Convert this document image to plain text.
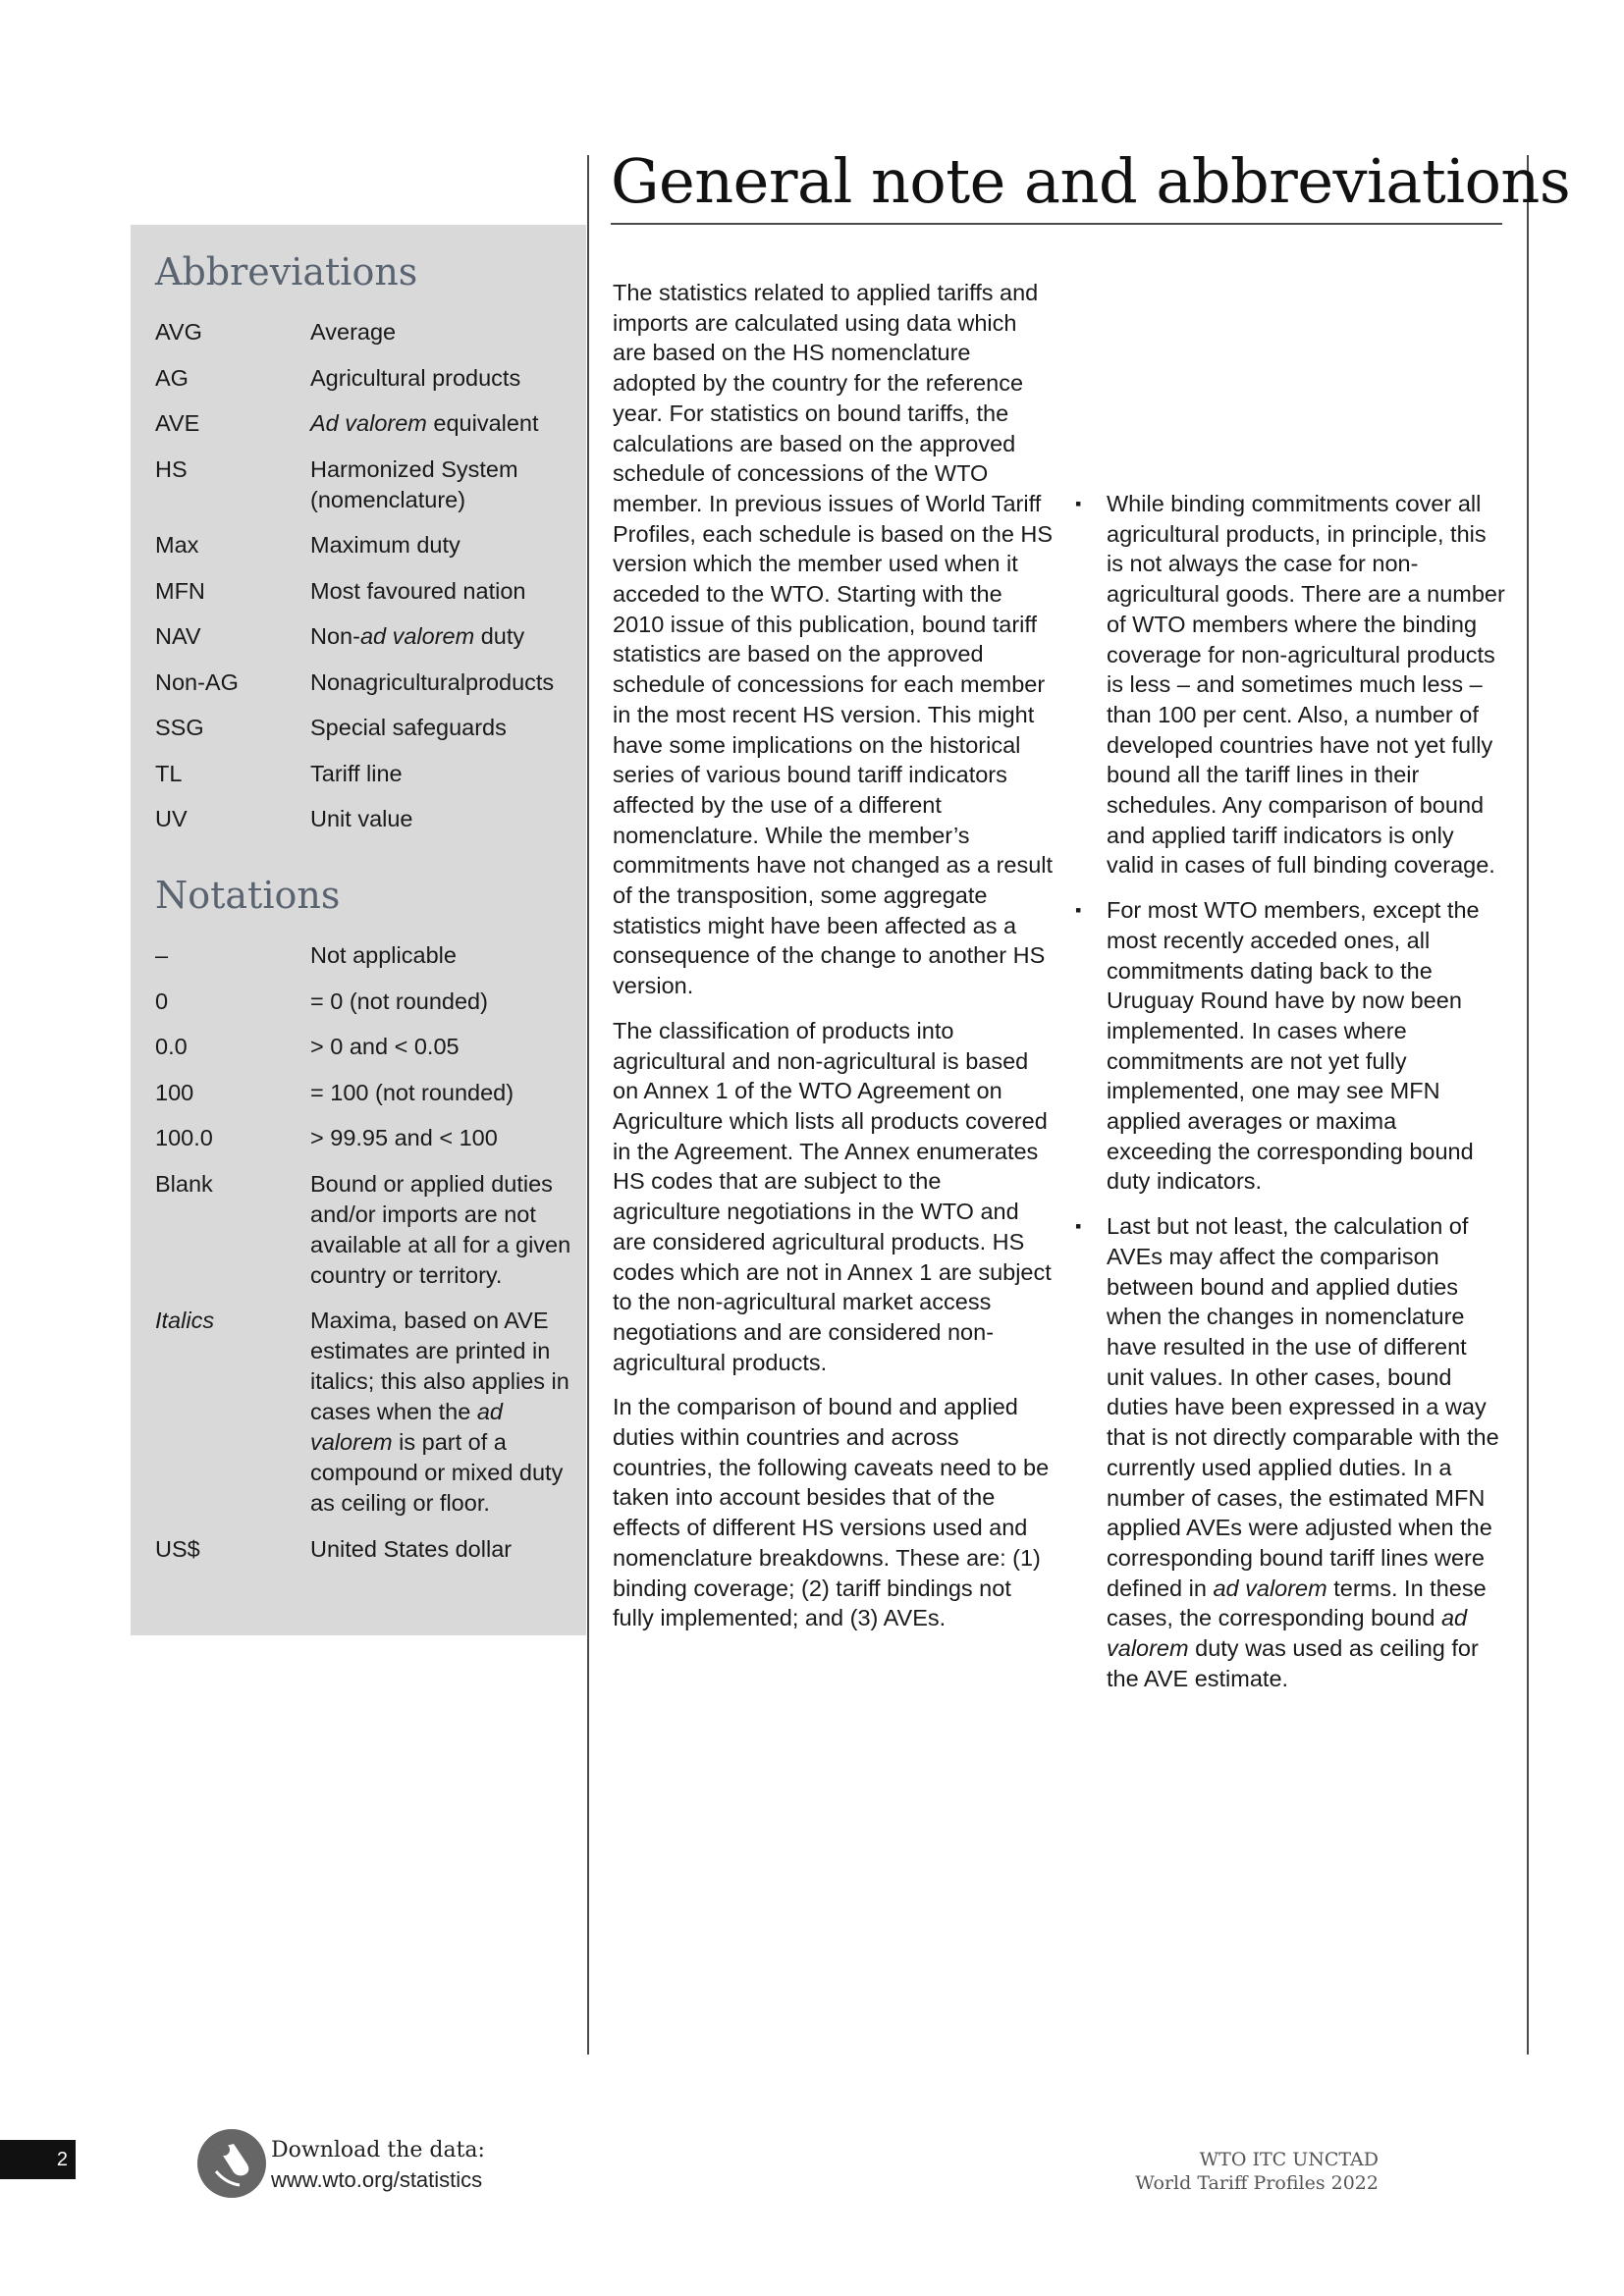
General note and abbreviations
Abbreviations
AVG	Average
AG	Agricultural products
AVE	Ad valorem equivalent
HS	Harmonized System (nomenclature)
Max	Maximum duty
MFN	Most favoured nation
NAV	Non-ad valorem duty
Non-AG	Nonagriculturalproducts
SSG	Special safeguards
TL	Tariff line
UV	Unit value
Notations
–	Not applicable
0	= 0 (not rounded)
0.0	> 0 and < 0.05
100	= 100 (not rounded)
100.0	> 99.95 and < 100
Blank	Bound or applied duties and/or imports are not available at all for a given country or territory.
Italics	Maxima, based on AVE estimates are printed in italics; this also applies in cases when the ad valorem is part of a compound or mixed duty as ceiling or floor.
US$	United States dollar

The statistics related to applied tariffs and imports are calculated using data which are based on the HS nomenclature adopted by the country for the reference year. For statistics on bound tariffs, the calculations are based on the approved schedule of concessions of the WTO member. In previous issues of World Tariff Profiles, each schedule is based on the HS version which the member used when it acceded to the WTO. Starting with the 2010 issue of this publication, bound tariff statistics are based on the approved schedule of concessions for each member in the most recent HS version. This might have some implications on the historical series of various bound tariff indicators affected by the use of a different nomenclature. While the member’s commitments have not changed as a result of the transposition, some aggregate statistics might have been affected as a consequence of the change to another HS version.

The classification of products into agricultural and non-agricultural is based on Annex 1 of the WTO Agreement on Agriculture which lists all products covered in the Agreement. The Annex enumerates HS codes that are subject to the agriculture negotiations in the WTO and are considered agricultural products. HS codes which are not in Annex 1 are subject to the non-agricultural market access negotiations and are considered non-agricultural products.

In the comparison of bound and applied duties within countries and across countries, the following caveats need to be taken into account besides that of the effects of different HS versions used and nomenclature breakdowns. These are: (1) binding coverage; (2) tariff bindings not fully implemented; and (3) AVEs.

▪	While binding commitments cover all agricultural products, in principle, this is not always the case for non-agricultural goods. There are a number of WTO members where the binding coverage for non-agricultural products is less – and sometimes much less – than 100 per cent. Also, a number of developed countries have not yet fully bound all the tariff lines in their schedules. Any comparison of bound and applied tariff indicators is only valid in cases of full binding coverage.
▪	For most WTO members, except the most recently acceded ones, all commitments dating back to the Uruguay Round have by now been implemented. In cases where commitments are not yet fully implemented, one may see MFN applied averages or maxima exceeding the corresponding bound duty indicators.
▪	Last but not least, the calculation of AVEs may affect the comparison between bound and applied duties when the changes in nomenclature have resulted in the use of different unit values. In other cases, bound duties have been expressed in a way that is not directly comparable with the currently used applied duties. In a number of cases, the estimated MFN applied AVEs were adjusted when the corresponding bound tariff lines were defined in ad valorem terms. In these cases, the corresponding bound ad valorem duty was used as ceiling for the AVE estimate.
2	Download the data:
www.wto.org/statistics
WTO ITC UNCTAD
World Tariff Profiles 2022
